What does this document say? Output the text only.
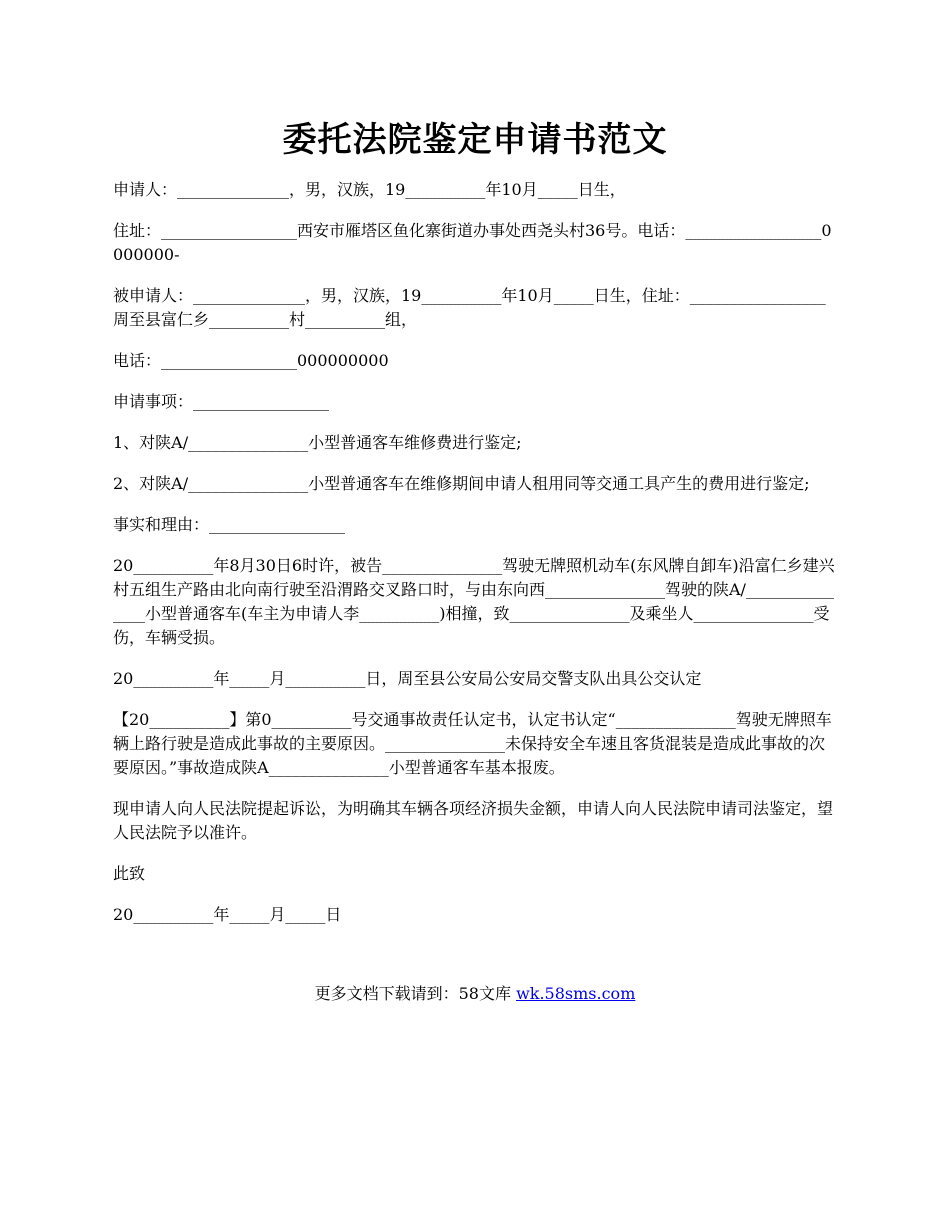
委托法院鉴定申请书范文

申请人：______________，男，汉族，19__________年10月_____日生，

住址：_________________西安市雁塔区鱼化寨街道办事处西尧头村36号。电话：_________________0000000-

被申请人：______________，男，汉族，19__________年10月_____日生，住址：_________________周至县富仁乡__________村__________组，

电话：_________________000000000

申请事项：_________________

1、对陕A/_______________小型普通客车维修费进行鉴定;

2、对陕A/_______________小型普通客车在维修期间申请人租用同等交通工具产生的费用进行鉴定;

事实和理由：_________________

20__________年8月30日6时许，被告_______________驾驶无牌照机动车(东风牌自卸车)沿富仁乡建兴村五组生产路由北向南行驶至沿渭路交叉路口时，与由东向西_______________驾驶的陕A/_______________小型普通客车(车主为申请人李__________)相撞，致_______________及乘坐人_______________受伤，车辆受损。

20__________年_____月__________日，周至县公安局公安局交警支队出具公交认定

【20__________】第0__________号交通事故责任认定书，认定书认定“_______________驾驶无牌照车辆上路行驶是造成此事故的主要原因。_______________未保持安全车速且客货混装是造成此事故的次要原因。”事故造成陕A_______________小型普通客车基本报废。

现申请人向人民法院提起诉讼，为明确其车辆各项经济损失金额，申请人向人民法院申请司法鉴定，望人民法院予以准许。

此致

20__________年_____月_____日

更多文档下载请到：58文库 wk.58sms.com
